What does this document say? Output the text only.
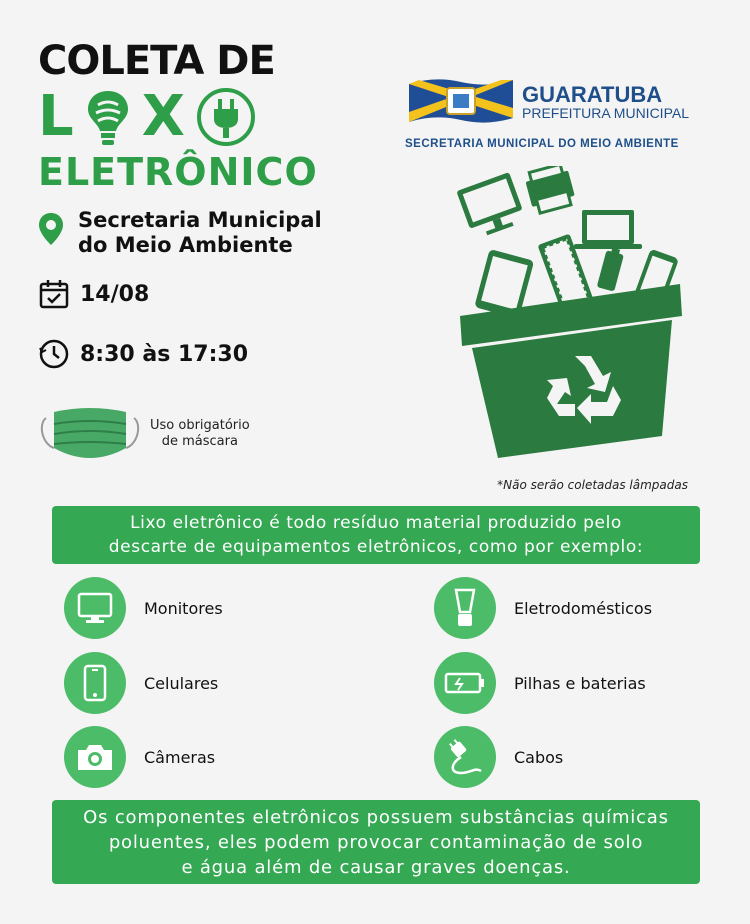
COLETA DE
L X
ELETRÔNICO
GUARATUBA
PREFEITURA MUNICIPAL
SECRETARIA MUNICIPAL DO MEIO AMBIENTE
Secretaria Municipal
do Meio Ambiente
14/08
8:30 às 17:30
Uso obrigatório
de máscara
*Não serão coletadas lâmpadas
Lixo eletrônico é todo resíduo material produzido pelo
descarte de equipamentos eletrônicos, como por exemplo:
Monitores
Celulares
Câmeras
Eletrodomésticos
Pilhas e baterias
Cabos
Os componentes eletrônicos possuem substâncias químicas
poluentes, eles podem provocar contaminação de solo
e água além de causar graves doenças.
